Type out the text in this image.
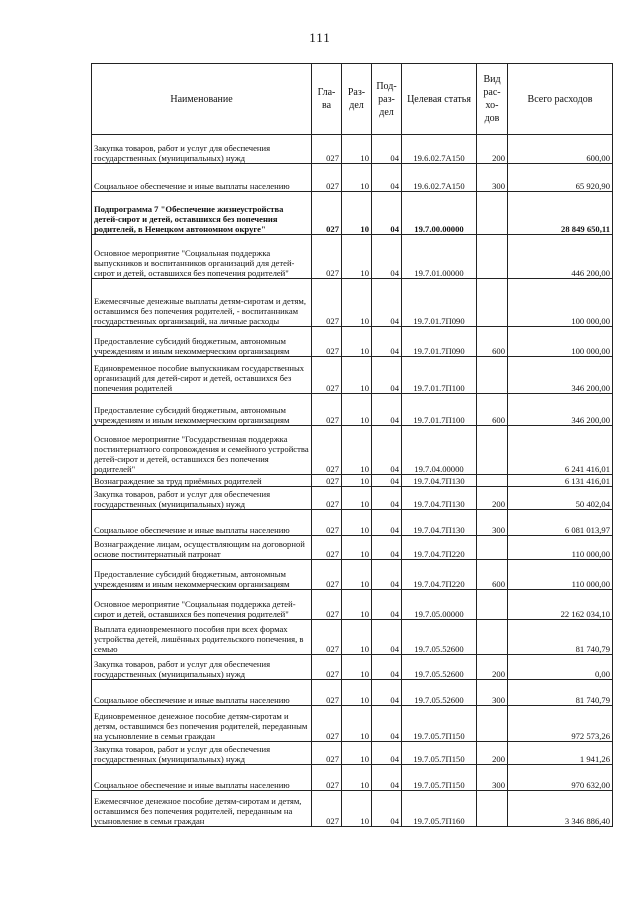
111
Наименование	Гла- ва	Раз- дел	Под- раз- дел	Целевая статья	Вид рас- хо- дов	Всего расходов

Закупка товаров, работ и услуг для обеспечения государственных (муниципальных) нужд	027	10	04	19.6.02.7A150	200	600,00

Социальное обеспечение и иные выплаты населению	027	10	04	19.6.02.7A150	300	65 920,90

Подпрограмма 7 "Обеспечение жизнеустройства детей-сирот и детей, оставшихся без попечения родителей, в Ненецком автономном округе"	027	10	04	19.7.00.00000		28 849 650,11

Основное мероприятие "Социальная поддержка выпускников и воспитанников организаций для детей-сирот и детей, оставшихся без попечения родителей"	027	10	04	19.7.01.00000		446 200,00

Ежемесячные денежные выплаты детям-сиротам и детям, оставшимся без попечения родителей, - воспитанникам государственных организаций, на личные расходы	027	10	04	19.7.01.7П090		100 000,00

Предоставление субсидий бюджетным, автономным учреждениям и иным некоммерческим организациям	027	10	04	19.7.01.7П090	600	100 000,00

Единовременное пособие выпускникам государственных организаций для детей-сирот и детей, оставшихся без попечения родителей	027	10	04	19.7.01.7П100		346 200,00

Предоставление субсидий бюджетным, автономным учреждениям и иным некоммерческим организациям	027	10	04	19.7.01.7П100	600	346 200,00

Основное мероприятие "Государственная поддержка постинтернатного сопровождения и семейного устройства детей-сирот и детей, оставшихся без попечения родителей"	027	10	04	19.7.04.00000		6 241 416,01

Вознаграждение за труд приёмных родителей	027	10	04	19.7.04.7П130		6 131 416,01

Закупка товаров, работ и услуг для обеспечения государственных (муниципальных) нужд	027	10	04	19.7.04.7П130	200	50 402,04

Социальное обеспечение и иные выплаты населению	027	10	04	19.7.04.7П130	300	6 081 013,97

Вознаграждение лицам, осуществляющим на договорной основе постинтернатный патронат	027	10	04	19.7.04.7П220		110 000,00

Предоставление субсидий бюджетным, автономным учреждениям и иным некоммерческим организациям	027	10	04	19.7.04.7П220	600	110 000,00

Основное мероприятие "Социальная поддержка детей-сирот и детей, оставшихся без попечения родителей"	027	10	04	19.7.05.00000		22 162 034,10

Выплата единовременного пособия при всех формах устройства детей, лишённых родительского попечения, в семью	027	10	04	19.7.05.52600		81 740,79

Закупка товаров, работ и услуг для обеспечения государственных (муниципальных) нужд	027	10	04	19.7.05.52600	200	0,00

Социальное обеспечение и иные выплаты населению	027	10	04	19.7.05.52600	300	81 740,79

Единовременное денежное пособие детям-сиротам и детям, оставшимся без попечения родителей, переданным на усыновление в семьи граждан	027	10	04	19.7.05.7П150		972 573,26

Закупка товаров, работ и услуг для обеспечения государственных (муниципальных) нужд	027	10	04	19.7.05.7П150	200	1 941,26

Социальное обеспечение и иные выплаты населению	027	10	04	19.7.05.7П150	300	970 632,00

Ежемесячное денежное пособие детям-сиротам и детям, оставшимся без попечения родителей, переданным на усыновление в семьи граждан	027	10	04	19.7.05.7П160		3 346 886,40
